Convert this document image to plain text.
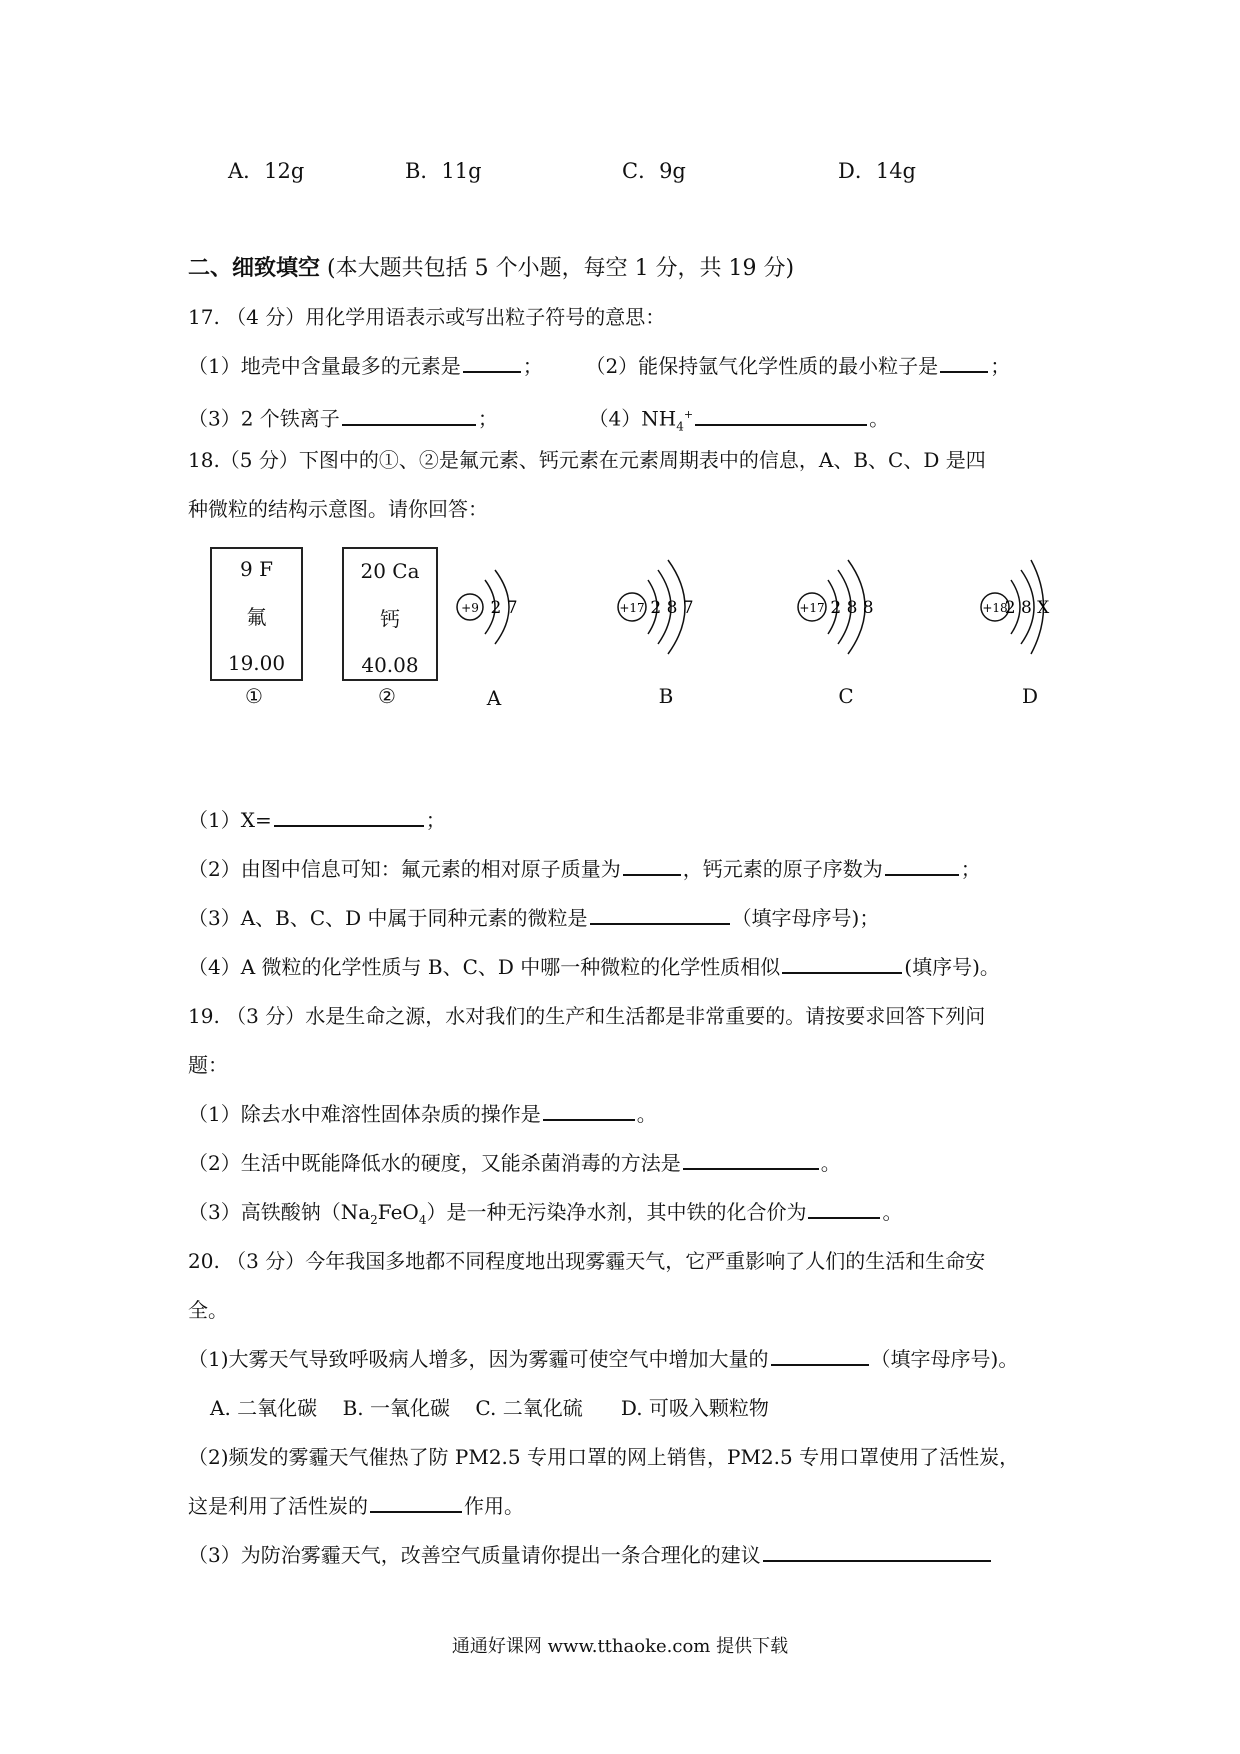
A．12g	B．11g	C．9g	D．14g
二、细致填空 (本大题共包括 5 个小题，每空 1 分，共 19 分)
17. （4 分）用化学用语表示或写出粒子符号的意思：
（1）地壳中含量最多的元素是	； （2）能保持氩气化学性质的最小粒子是	；
（3）2 个铁离子	；	$(4)NH_4^+$	。
18.（5 分）下图中的①、②是氟元素、钙元素在元素周期表中的信息，A、B、C、D 是四
种微粒的结构示意图。请你回答：
9 F
氟
19.00
①
20 Ca
钙
40.08
②
+9 2 7	+17 2 8 7	+17 2 8 8	+18
2 8 X
A	B	C	D
（1）X=	；
（2）由图中信息可知：氟元素的相对原子质量为	，钙元素的原子序数为	；
（3）A、B、C、D 中属于同种元素的微粒是	（填字母序号)；
（4）A 微粒的化学性质与 B、C、D 中哪一种微粒的化学性质相似	(填序号)。
19. （3 分）水是生命之源，水对我们的生产和生活都是非常重要的。请按要求回答下列问
题：
（1）除去水中难溶性固体杂质的操作是	。
（2）生活中既能降低水的硬度，又能杀菌消毒的方法是	。
（3）高铁酸钠$(Na_2FeO_4)$是一种无污染净水剂，其中铁的化合价为	。
20. （3 分）今年我国多地都不同程度地出现雾霾天气，它严重影响了人们的生活和生命安
全。
（1)大雾天气导致呼吸病人增多，因为雾霾可使空气中增加大量的	（填字母序号)。
A. 二氧化碳    B. 一氧化碳    C. 二氧化硫      D. 可吸入颗粒物
（2)频发的雾霾天气催热了防 PM2.5 专用口罩的网上销售，PM2.5 专用口罩使用了活性炭，
这是利用了活性炭的	作用。
（3）为防治雾霾天气，改善空气质量请你提出一条合理化的建议
通通好课网 www.tthaoke.com 提供下载
